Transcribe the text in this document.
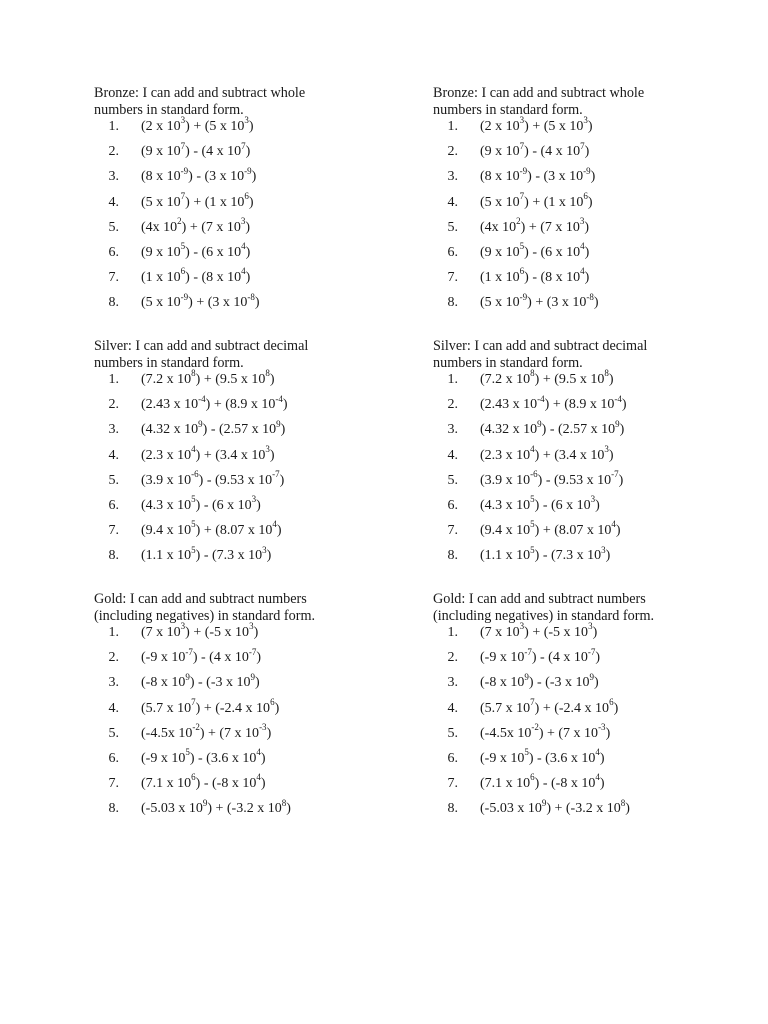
Bronze: I can add and subtract whole
numbers in standard form.

1. (2 x $10^3) + (5$ x $10^3$)
2. (9 x $10^7) - (4$ x $10^7$)
3. (8 x $10^{-9}) - (3$ x $10^{-9}$)
4. (5 x $10^7) + (1$ x $10^6$)
5. (4x $10^2) + (7$ x $10^3$)
6. (9 x $10^5) - (6$ x $10^4$)
7. (1 x $10^6) - (8$ x $10^4$)
8. (5 x $10^{-9}) + (3$ x $10^{-8}$)

Silver: I can add and subtract decimal
numbers in standard form.

1. (7.2 x $10^8) + (9.5$ x $10^8$)
2. (2.43 x $10^{-4}) + (8.9$ x $10^{-4}$)
3. (4.32 x $10^9) - (2.57$ x $10^9$)
4. (2.3 x $10^4) + (3.4$ x $10^3$)
5. (3.9 x $10^{-6}) - (9.53$ x $10^{-7}$)
6. (4.3 x $10^5) - (6$ x $10^3$)
7. (9.4 x $10^5) + (8.07$ x $10^4$)
8. (1.1 x $10^5) - (7.3$ x $10^3$)

Gold: I can add and subtract numbers
(including negatives) in standard form.

1. (7 x $10^3) + (-5$ x $10^3$)
2. (-9 x $10^{-7}) - (4$ x $10^{-7}$)
3. (-8 x $10^9) - (-3$ x $10^9$)
4. (5.7 x $10^7) + (-2.4$ x $10^6$)
5. (-4.5x $10^{-2}) + (7$ x $10^{-3}$)
6. (-9 x $10^5) - (3.6$ x $10^4$)
7. (7.1 x $10^6) - (-8$ x $10^4$)
8. (-5.03 x $10^9) + (-3.2$ x $10^8$)

Bronze: I can add and subtract whole
numbers in standard form.

1. (2 x $10^3) + (5$ x $10^3$)
2. (9 x $10^7) - (4$ x $10^7$)
3. (8 x $10^{-9}) - (3$ x $10^{-9}$)
4. (5 x $10^7) + (1$ x $10^6$)
5. (4x $10^2) + (7$ x $10^3$)
6. (9 x $10^5) - (6$ x $10^4$)
7. (1 x $10^6) - (8$ x $10^4$)
8. (5 x $10^{-9}) + (3$ x $10^{-8}$)

Silver: I can add and subtract decimal
numbers in standard form.

1. (7.2 x $10^8) + (9.5$ x $10^8$)
2. (2.43 x $10^{-4}) + (8.9$ x $10^{-4}$)
3. (4.32 x $10^9) - (2.57$ x $10^9$)
4. (2.3 x $10^4) + (3.4$ x $10^3$)
5. (3.9 x $10^{-6}) - (9.53$ x $10^{-7}$)
6. (4.3 x $10^5) - (6$ x $10^3$)
7. (9.4 x $10^5) + (8.07$ x $10^4$)
8. (1.1 x $10^5) - (7.3$ x $10^3$)

Gold: I can add and subtract numbers
(including negatives) in standard form.

1. (7 x $10^3) + (-5$ x $10^3$)
2. (-9 x $10^{-7}) - (4$ x $10^{-7}$)
3. (-8 x $10^9) - (-3$ x $10^9$)
4. (5.7 x $10^7) + (-2.4$ x $10^6$)
5. (-4.5x $10^{-2}) + (7$ x $10^{-3}$)
6. (-9 x $10^5) - (3.6$ x $10^4$)
7. (7.1 x $10^6) - (-8$ x $10^4$)
8. (-5.03 x $10^9) + (-3.2$ x $10^8$)
